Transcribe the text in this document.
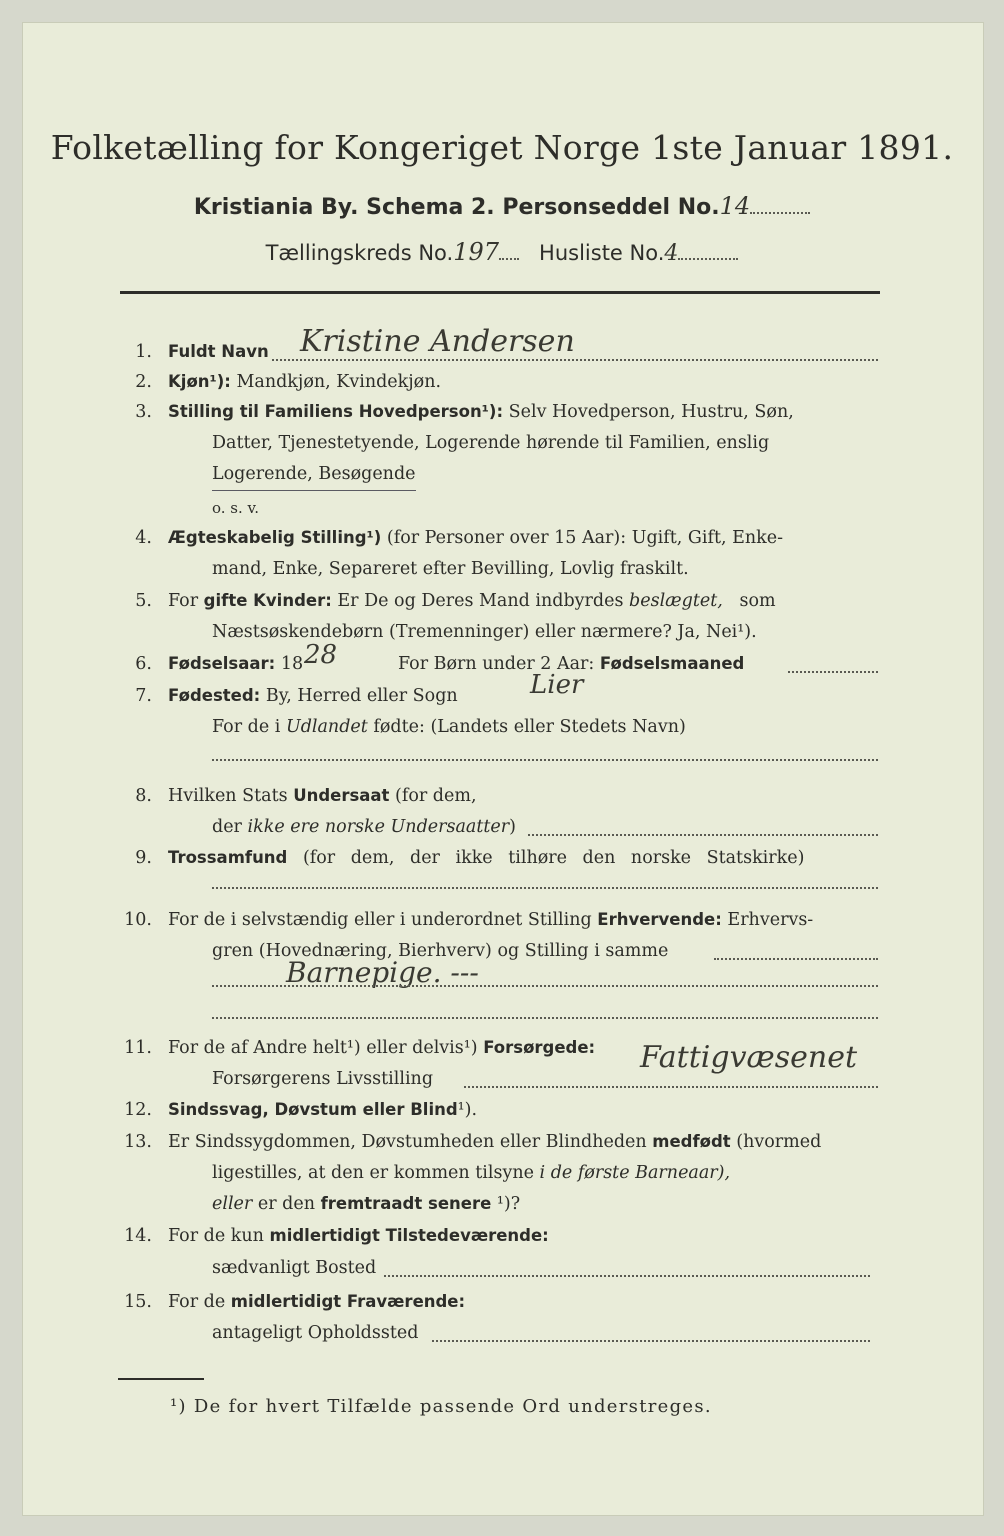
Folketælling for Kongeriget Norge 1ste Januar 1891.
Kristiania By. Schema 2. Personseddel No.14
Tællingskreds No.197 Husliste No.4
1. Fuldt Navn Kristine Andersen
2. Kjøn¹): Mandkjøn, Kvindekjøn.
3. Stilling til Familiens Hovedperson¹): Selv Hovedperson, Hustru, Søn,
Datter, Tjenestetyende, Logerende hørende til Familien, enslig
Logerende, Besøgende
o. s. v.
4. Ægteskabelig Stilling¹) (for Personer over 15 Aar): Ugift, Gift, Enke-
mand, Enke, Separeret efter Bevilling, Lovlig fraskilt.
5. For gifte Kvinder: Er De og Deres Mand indbyrdes beslægtet, som
Næstsøskendebørn (Tremenninger) eller nærmere? Ja, Nei¹).
6. Fødselsaar: 18	For Børn under 2 Aar: Fødselsmaaned
28
7. Fødested: By, Herred eller Sogn	Lier
For de i Udlandet fødte: (Landets eller Stedets Navn)
8. Hvilken Stats Undersaat (for dem,
der ikke ere norske Undersaatter)
9. Trossamfund (for dem, der ikke tilhøre den norske Statskirke)
10. For de i selvstændig eller i underordnet Stilling Erhvervende: Erhvervs-
gren (Hovednæring, Bierhverv) og Stilling i samme
Barnepige. ---
11. For de af Andre helt¹) eller delvis¹) Forsørgede: Fattigvæsenet
Forsørgerens Livsstilling
12. Sindssvag, Døvstum eller Blind¹).
13. Er Sindssygdommen, Døvstumheden eller Blindheden medfødt (hvormed
ligestilles, at den er kommen tilsyne i de første Barneaar),
eller er den fremtraadt senere ¹)?
14. For de kun midlertidigt Tilstedeværende:
sædvanligt Bosted
15. For de midlertidigt Fraværende:
antageligt Opholdssted
¹) De for hvert Tilfælde passende Ord understreges.
